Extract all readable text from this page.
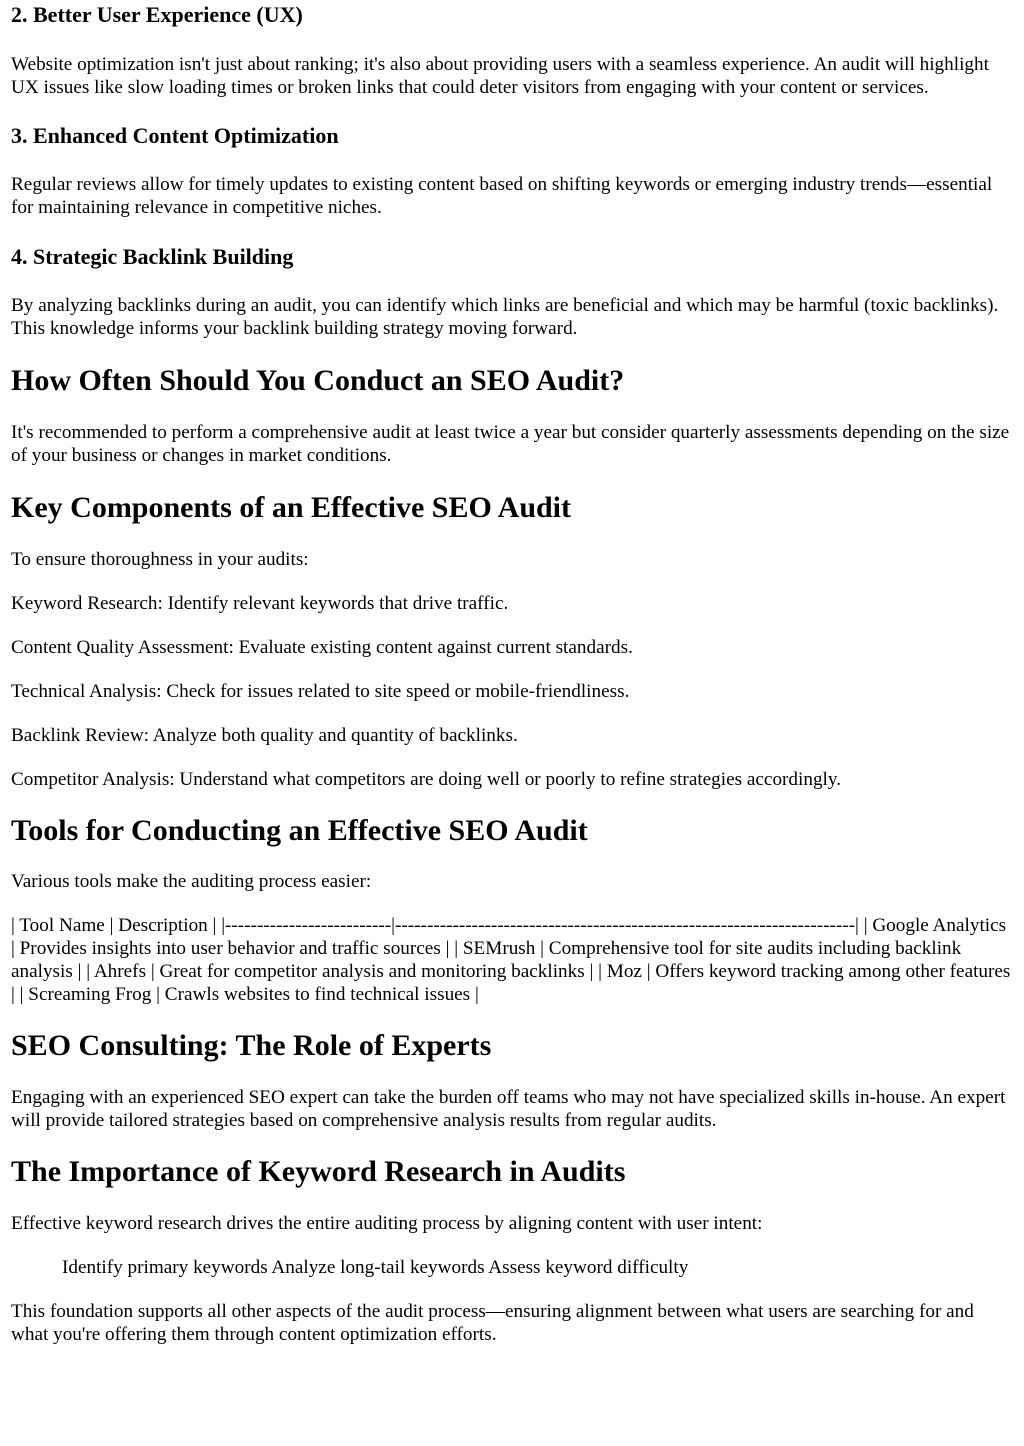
2. Better User Experience (UX)

Website optimization isn't just about ranking; it's also about providing users with a seamless experience. An audit will highlight UX issues like slow loading times or broken links that could deter visitors from engaging with your content or services.

3. Enhanced Content Optimization

Regular reviews allow for timely updates to existing content based on shifting keywords or emerging industry trends—essential for maintaining relevance in competitive niches.

4. Strategic Backlink Building

By analyzing backlinks during an audit, you can identify which links are beneficial and which may be harmful (toxic backlinks). This knowledge informs your backlink building strategy moving forward.

How Often Should You Conduct an SEO Audit?

It's recommended to perform a comprehensive audit at least twice a year but consider quarterly assessments depending on the size of your business or changes in market conditions.

Key Components of an Effective SEO Audit

To ensure thoroughness in your audits:

Keyword Research: Identify relevant keywords that drive traffic.

Content Quality Assessment: Evaluate existing content against current standards.

Technical Analysis: Check for issues related to site speed or mobile-friendliness.

Backlink Review: Analyze both quality and quantity of backlinks.

Competitor Analysis: Understand what competitors are doing well or poorly to refine strategies accordingly.

Tools for Conducting an Effective SEO Audit

Various tools make the auditing process easier:

| Tool Name | Description | |--------------------------|------------------------------------------------------------------------| | Google Analytics | Provides insights into user behavior and traffic sources | | SEMrush | Comprehensive tool for site audits including backlink analysis | | Ahrefs | Great for competitor analysis and monitoring backlinks | | Moz | Offers keyword tracking among other features | | Screaming Frog | Crawls websites to find technical issues |

SEO Consulting: The Role of Experts

Engaging with an experienced SEO expert can take the burden off teams who may not have specialized skills in-house. An expert will provide tailored strategies based on comprehensive analysis results from regular audits.

The Importance of Keyword Research in Audits

Effective keyword research drives the entire auditing process by aligning content with user intent:

Identify primary keywords Analyze long-tail keywords Assess keyword difficulty

This foundation supports all other aspects of the audit process—ensuring alignment between what users are searching for and what you're offering them through content optimization efforts.
